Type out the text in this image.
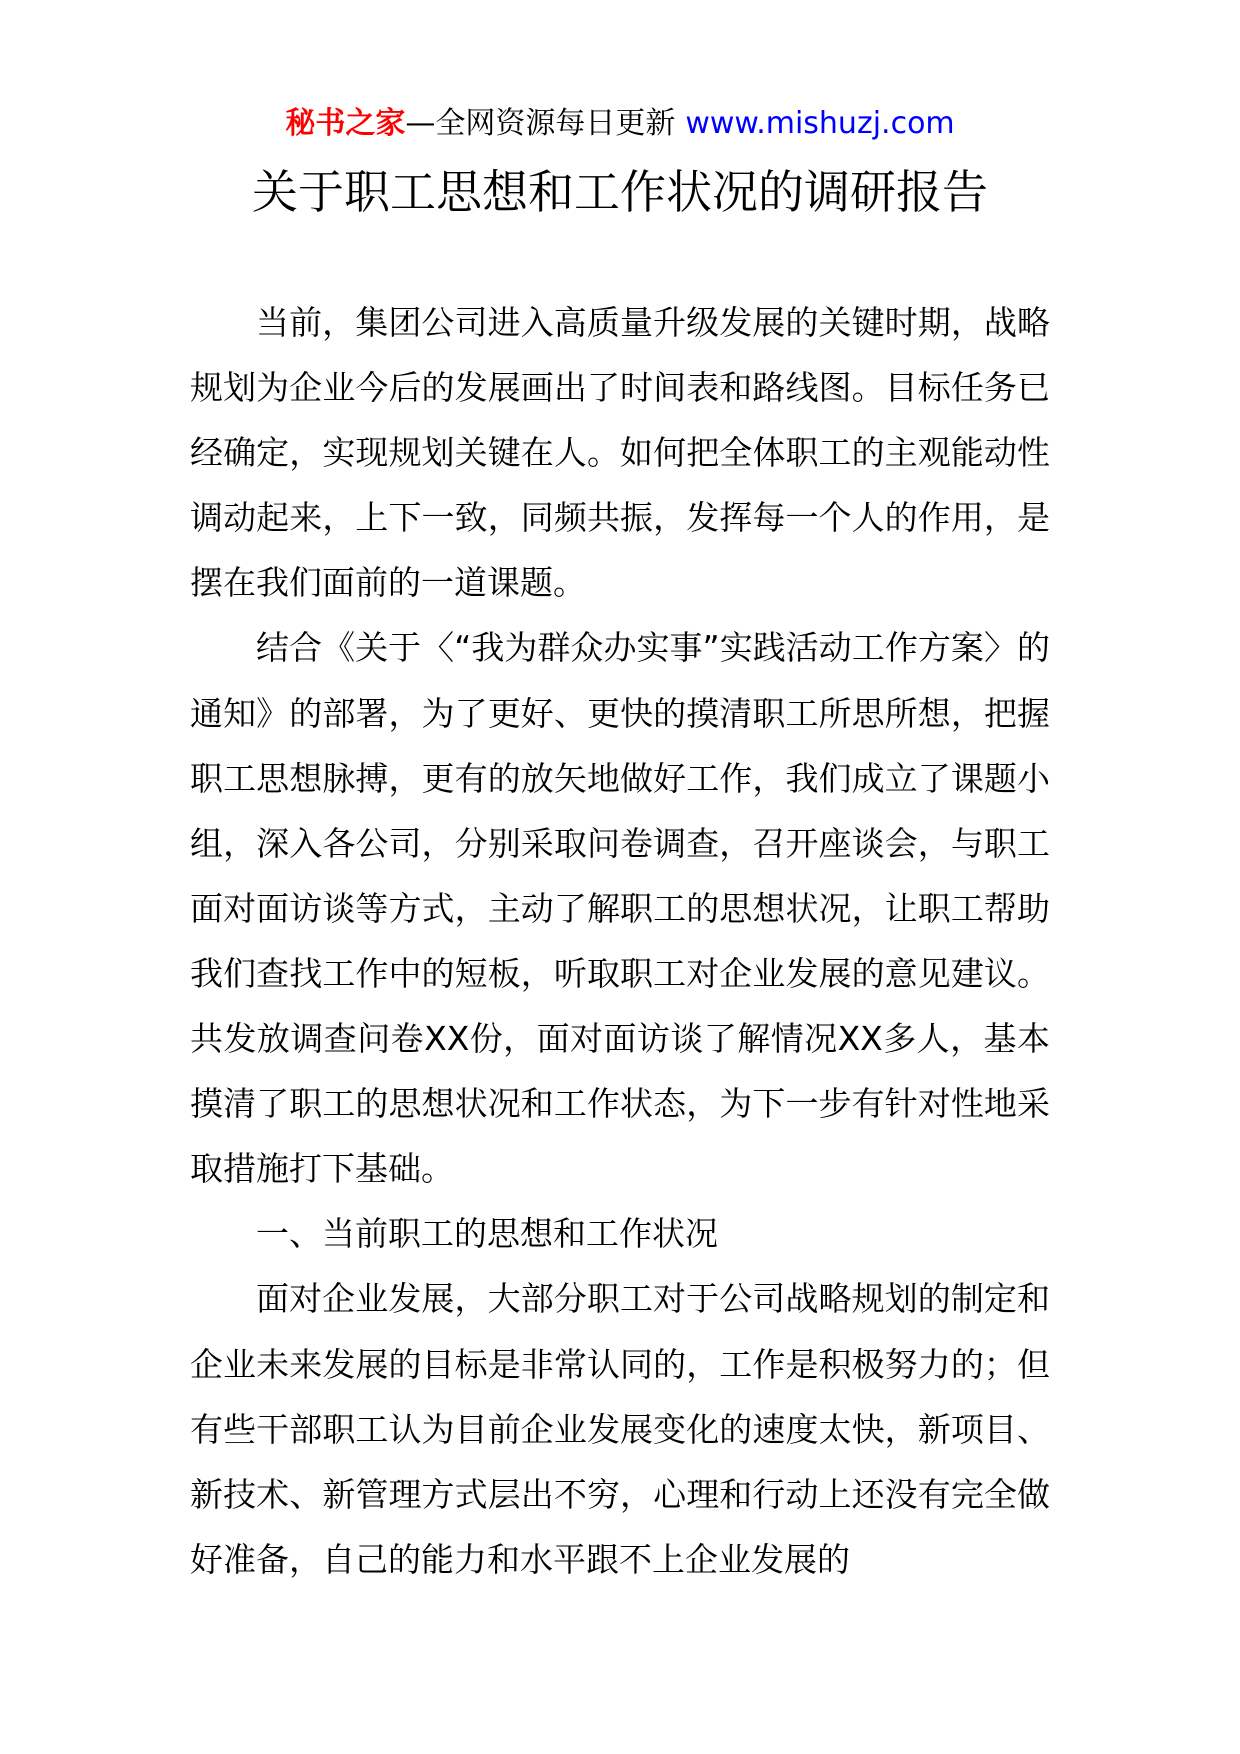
秘书之家—全网资源每日更新 www.mishuzj.com
关于职工思想和工作状况的调研报告

当前，集团公司进入高质量升级发展的关键时期，战略规划为企业今后的发展画出了时间表和路线图。目标任务已经确定，实现规划关键在人。如何把全体职工的主观能动性调动起来，上下一致，同频共振，发挥每一个人的作用，是摆在我们面前的一道课题。

结合《关于〈“我为群众办实事”实践活动工作方案〉的通知》的部署，为了更好、更快的摸清职工所思所想，把握职工思想脉搏，更有的放矢地做好工作，我们成立了课题小组，深入各公司，分别采取问卷调查，召开座谈会，与职工面对面访谈等方式，主动了解职工的思想状况，让职工帮助我们查找工作中的短板，听取职工对企业发展的意见建议。共发放调查问卷XX份，面对面访谈了解情况XX多人，基本摸清了职工的思想状况和工作状态，为下一步有针对性地采取措施打下基础。

一、当前职工的思想和工作状况

面对企业发展，大部分职工对于公司战略规划的制定和企业未来发展的目标是非常认同的，工作是积极努力的；但有些干部职工认为目前企业发展变化的速度太快，新项目、新技术、新管理方式层出不穷，心理和行动上还没有完全做好准备，自己的能力和水平跟不上企业发展的
